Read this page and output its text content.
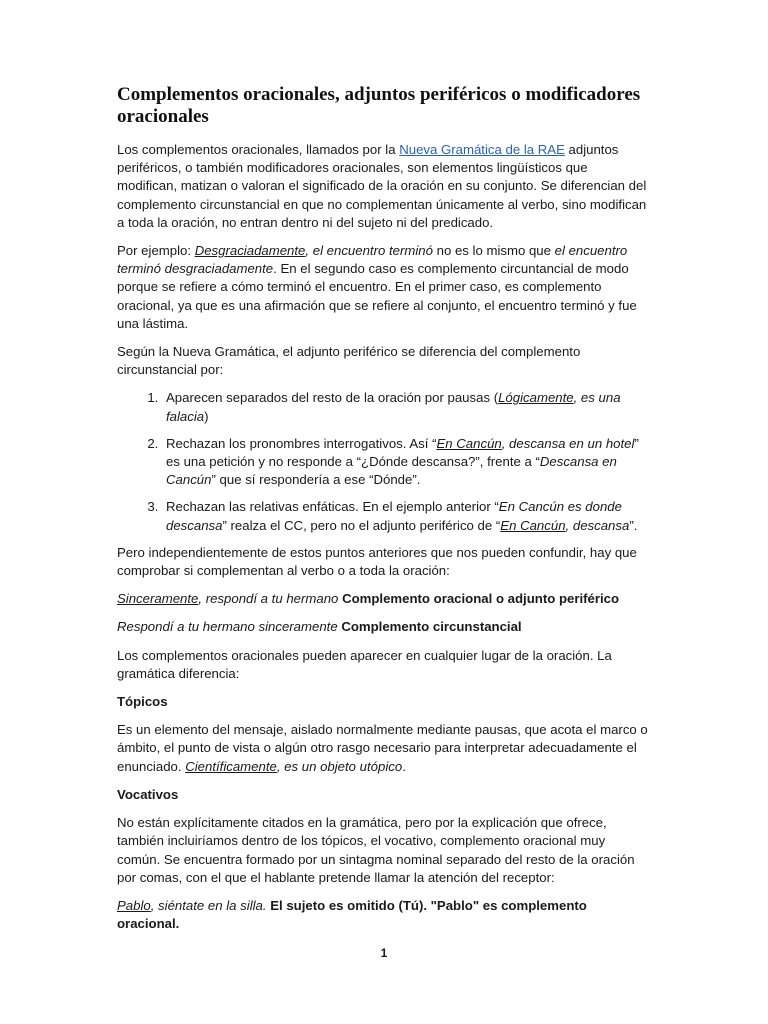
Complementos oracionales, adjuntos periféricos o modificadores oracionales

Los complementos oracionales, llamados por la Nueva Gramática de la RAE adjuntos periféricos, o también modificadores oracionales, son elementos lingüísticos que modifican, matizan o valoran el significado de la oración en su conjunto. Se diferencian del complemento circunstancial en que no complementan únicamente al verbo, sino modifican a toda la oración, no entran dentro ni del sujeto ni del predicado.

Por ejemplo: Desgraciadamente, el encuentro terminó no es lo mismo que el encuentro terminó desgraciadamente. En el segundo caso es complemento circuntancial de modo porque se refiere a cómo terminó el encuentro. En el primer caso, es complemento oracional, ya que es una afirmación que se refiere al conjunto, el encuentro terminó y fue una lástima.

Según la Nueva Gramática, el adjunto periférico se diferencia del complemento circunstancial por:

1. Aparecen separados del resto de la oración por pausas (Lógicamente, es una falacia)
2. Rechazan los pronombres interrogativos. Así “En Cancún, descansa en un hotel” es una petición y no responde a “¿Dónde descansa?”, frente a “Descansa en Cancún” que sí respondería a ese “Dónde”.
3. Rechazan las relativas enfáticas. En el ejemplo anterior “En Cancún es donde descansa” realza el CC, pero no el adjunto periférico de “En Cancún, descansa”.

Pero independientemente de estos puntos anteriores que nos pueden confundir, hay que comprobar si complementan al verbo o a toda la oración:

Sinceramente, respondí a tu hermano Complemento oracional o adjunto periférico

Respondí a tu hermano sinceramente Complemento circunstancial

Los complementos oracionales pueden aparecer en cualquier lugar de la oración. La gramática diferencia:

Tópicos

Es un elemento del mensaje, aislado normalmente mediante pausas, que acota el marco o ámbito, el punto de vista o algún otro rasgo necesario para interpretar adecuadamente el enunciado. Científicamente, es un objeto utópico.

Vocativos

No están explícitamente citados en la gramática, pero por la explicación que ofrece, también incluiríamos dentro de los tópicos, el vocativo, complemento oracional muy común. Se encuentra formado por un sintagma nominal separado del resto de la oración por comas, con el que el hablante pretende llamar la atención del receptor:

Pablo, siéntate en la silla. El sujeto es omitido (Tú). "Pablo" es complemento oracional.

1
